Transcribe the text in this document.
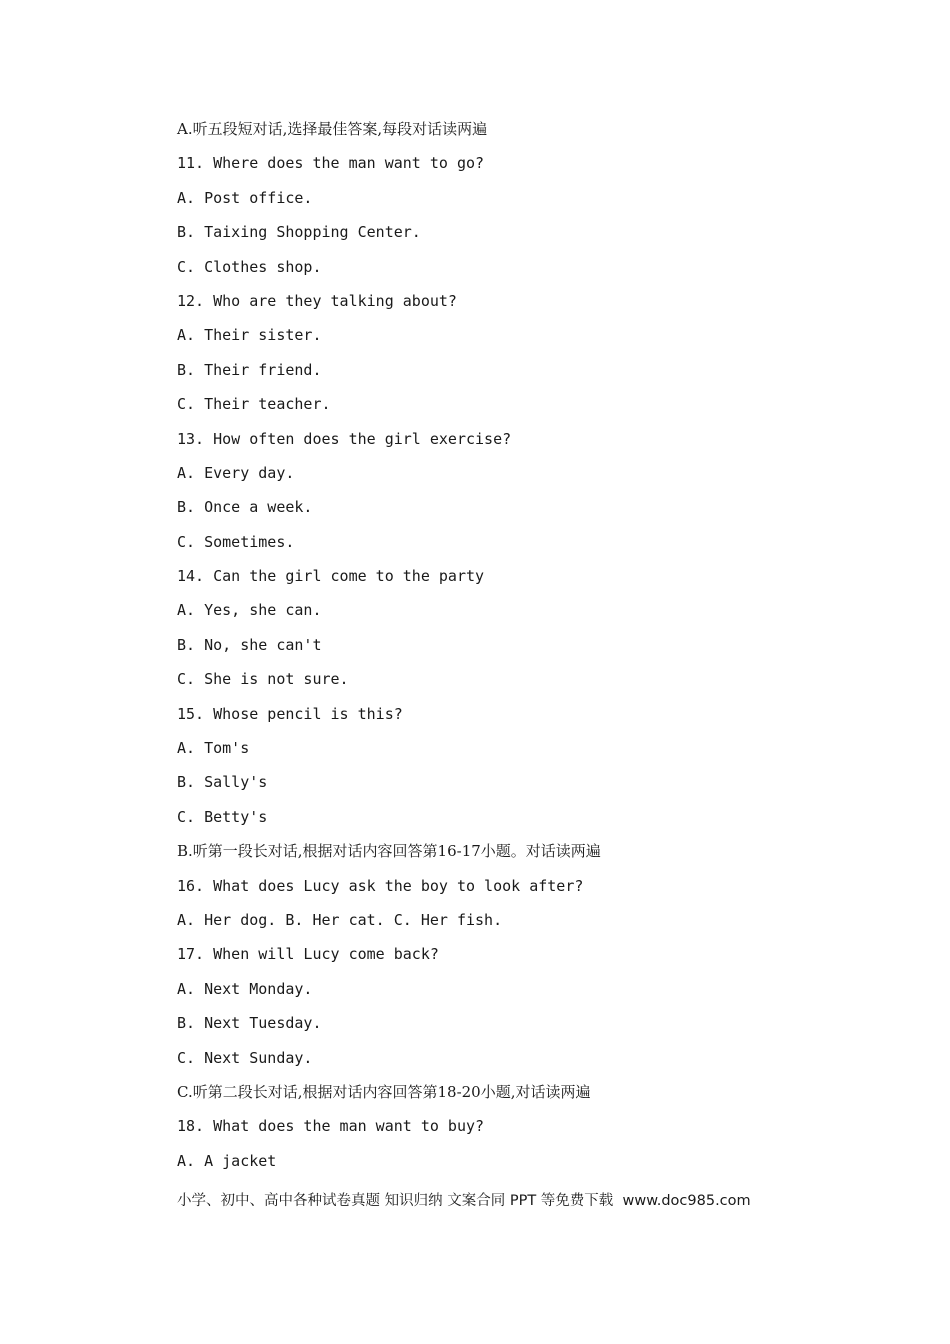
A.听五段短对话,选择最佳答案,每段对话读两遍
11. Where does the man want to go?
A. Post office.
B. Taixing Shopping Center.
C. Clothes shop.
12. Who are they talking about?
A. Their sister.
B. Their friend.
C. Their teacher.
13. How often does the girl exercise?
A. Every day.
B. Once a week.
C. Sometimes.
14. Can the girl come to the party
A. Yes, she can.
B. No, she can't
C. She is not sure.
15. Whose pencil is this?
A. Tom's
B. Sally's
C. Betty's
B.听第一段长对话,根据对话内容回答第16-17小题。对话读两遍
16. What does Lucy ask the boy to look after?
A. Her dog. B. Her cat. C. Her fish.
17. When will Lucy come back?
A. Next Monday.
B. Next Tuesday.
C. Next Sunday.
C.听第二段长对话,根据对话内容回答第18-20小题,对话读两遍
18. What does the man want to buy?
A. A jacket
小学、初中、高中各种试卷真题 知识归纳 文案合同 PPT 等免费下载  www.doc985.com
